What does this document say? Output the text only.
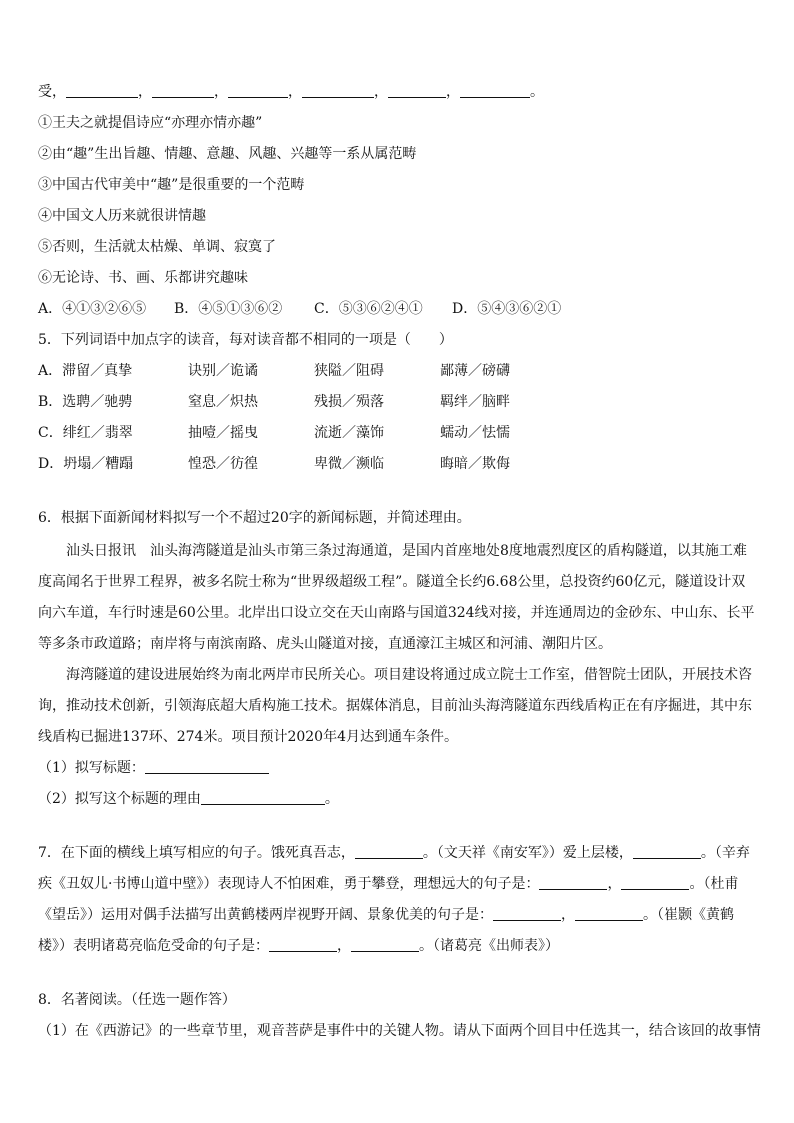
受，	，	，	，	，	，	。
①王夫之就提倡诗应“亦理亦情亦趣”
②由“趣”生出旨趣、情趣、意趣、风趣、兴趣等一系从属范畴
③中国古代审美中“趣”是很重要的一个范畴
④中国文人历来就很讲情趣
⑤否则，生活就太枯燥、单调、寂寞了
⑥无论诗、书、画、乐都讲究趣味
A．④①③②⑥⑤ B．④⑤①③⑥② C．⑤③⑥②④① D．⑤④③⑥②①
5．下列词语中加点字的读音，每对读音都不相同的一项是（　　）
A．滞留／真挚	诀别／诡谲	狭隘／阻碍	鄙薄／磅礴
B．选聘／驰骋	窒息／炽热	残损／殒落	羁绊／脑畔
C．绯红／翡翠	抽噎／摇曳	流逝／藻饰	蠕动／怯懦
D．坍塌／糟蹋	惶恐／彷徨	卑微／濒临	晦暗／欺侮
6．根据下面新闻材料拟写一个不超过20字的新闻标题，并简述理由。
　　汕头日报讯　汕头海湾隧道是汕头市第三条过海通道，是国内首座地处8度地震烈度区的盾构隧道，以其施工难
度高闻名于世界工程界，被多名院士称为“世界级超级工程”。隧道全长约6.68公里，总投资约60亿元，隧道设计双
向六车道，车行时速是60公里。北岸出口设立交在天山南路与国道324线对接，并连通周边的金砂东、中山东、长平
等多条市政道路；南岸将与南滨南路、虎头山隧道对接，直通濠江主城区和河浦、潮阳片区。
　　海湾隧道的建设进展始终为南北两岸市民所关心。项目建设将通过成立院士工作室，借智院士团队，开展技术咨
询，推动技术创新，引领海底超大盾构施工技术。据媒体消息，目前汕头海湾隧道东西线盾构正在有序掘进，其中东
线盾构已掘进137环、274米。项目预计2020年4月达到通车条件。
（1）拟写标题：
（2）拟写这个标题的理由	。
7．在下面的横线上填写相应的句子。饿死真吾志，	。（文天祥《南安军》）爱上层楼，	。（辛弃
疾《丑奴儿·书博山道中壁》）表现诗人不怕困难，勇于攀登，理想远大的句子是：	，	。（杜甫
《望岳》）运用对偶手法描写出黄鹤楼两岸视野开阔、景象优美的句子是：	，	。（崔颢《黄鹤
楼》）表明诸葛亮临危受命的句子是：	，	。（诸葛亮《出师表》）
8．名著阅读。（任选一题作答）
（1）在《西游记》的一些章节里，观音菩萨是事件中的关键人物。请从下面两个回目中任选其一，结合该回的故事情
